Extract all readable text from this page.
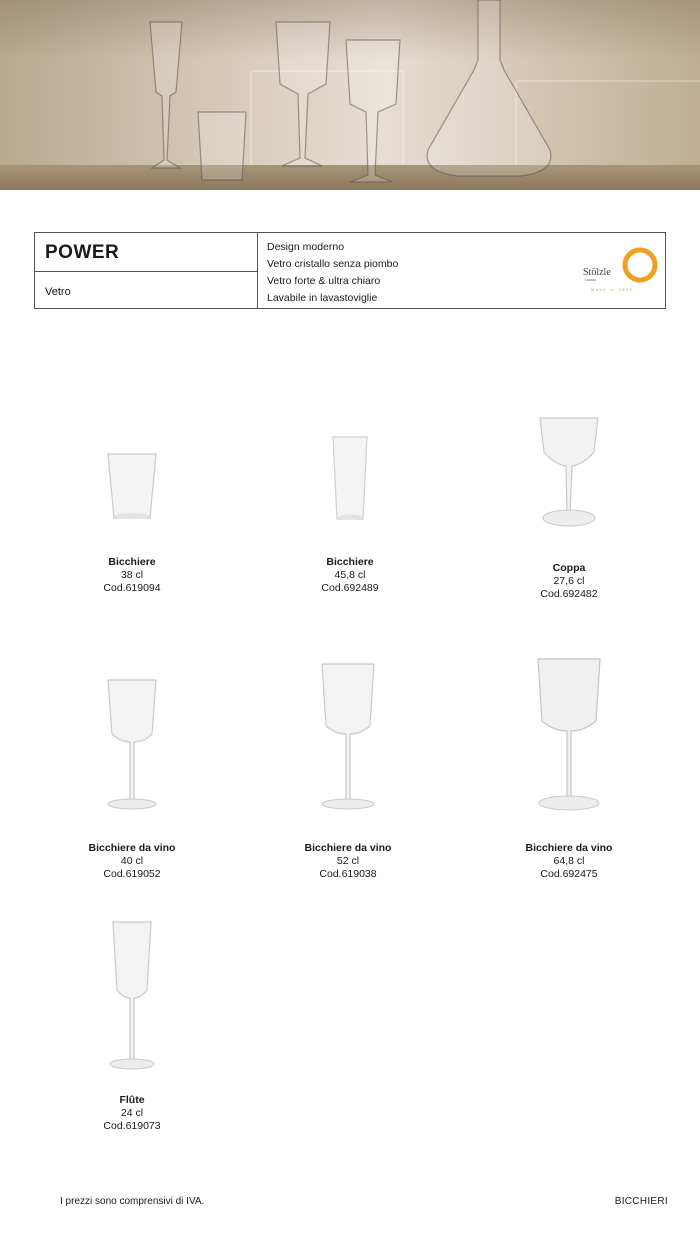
POWER
Vetro
Design moderno
Vetro cristallo senza piombo
Vetro forte & ultra chiaro
Lavabile in lavastoviglie
Stölzle
Lausitz
Made in 1899
Bicchiere
38 cl
Cod.619094
Bicchiere
45,8 cl
Cod.692489
Coppa
27,6 cl
Cod.692482
Bicchiere da vino
40 cl
Cod.619052
Bicchiere da vino
52 cl
Cod.619038
Bicchiere da vino
64,8 cl
Cod.692475
Flûte
24 cl
Cod.619073
I prezzi sono comprensivi di IVA.	BICCHIERI
